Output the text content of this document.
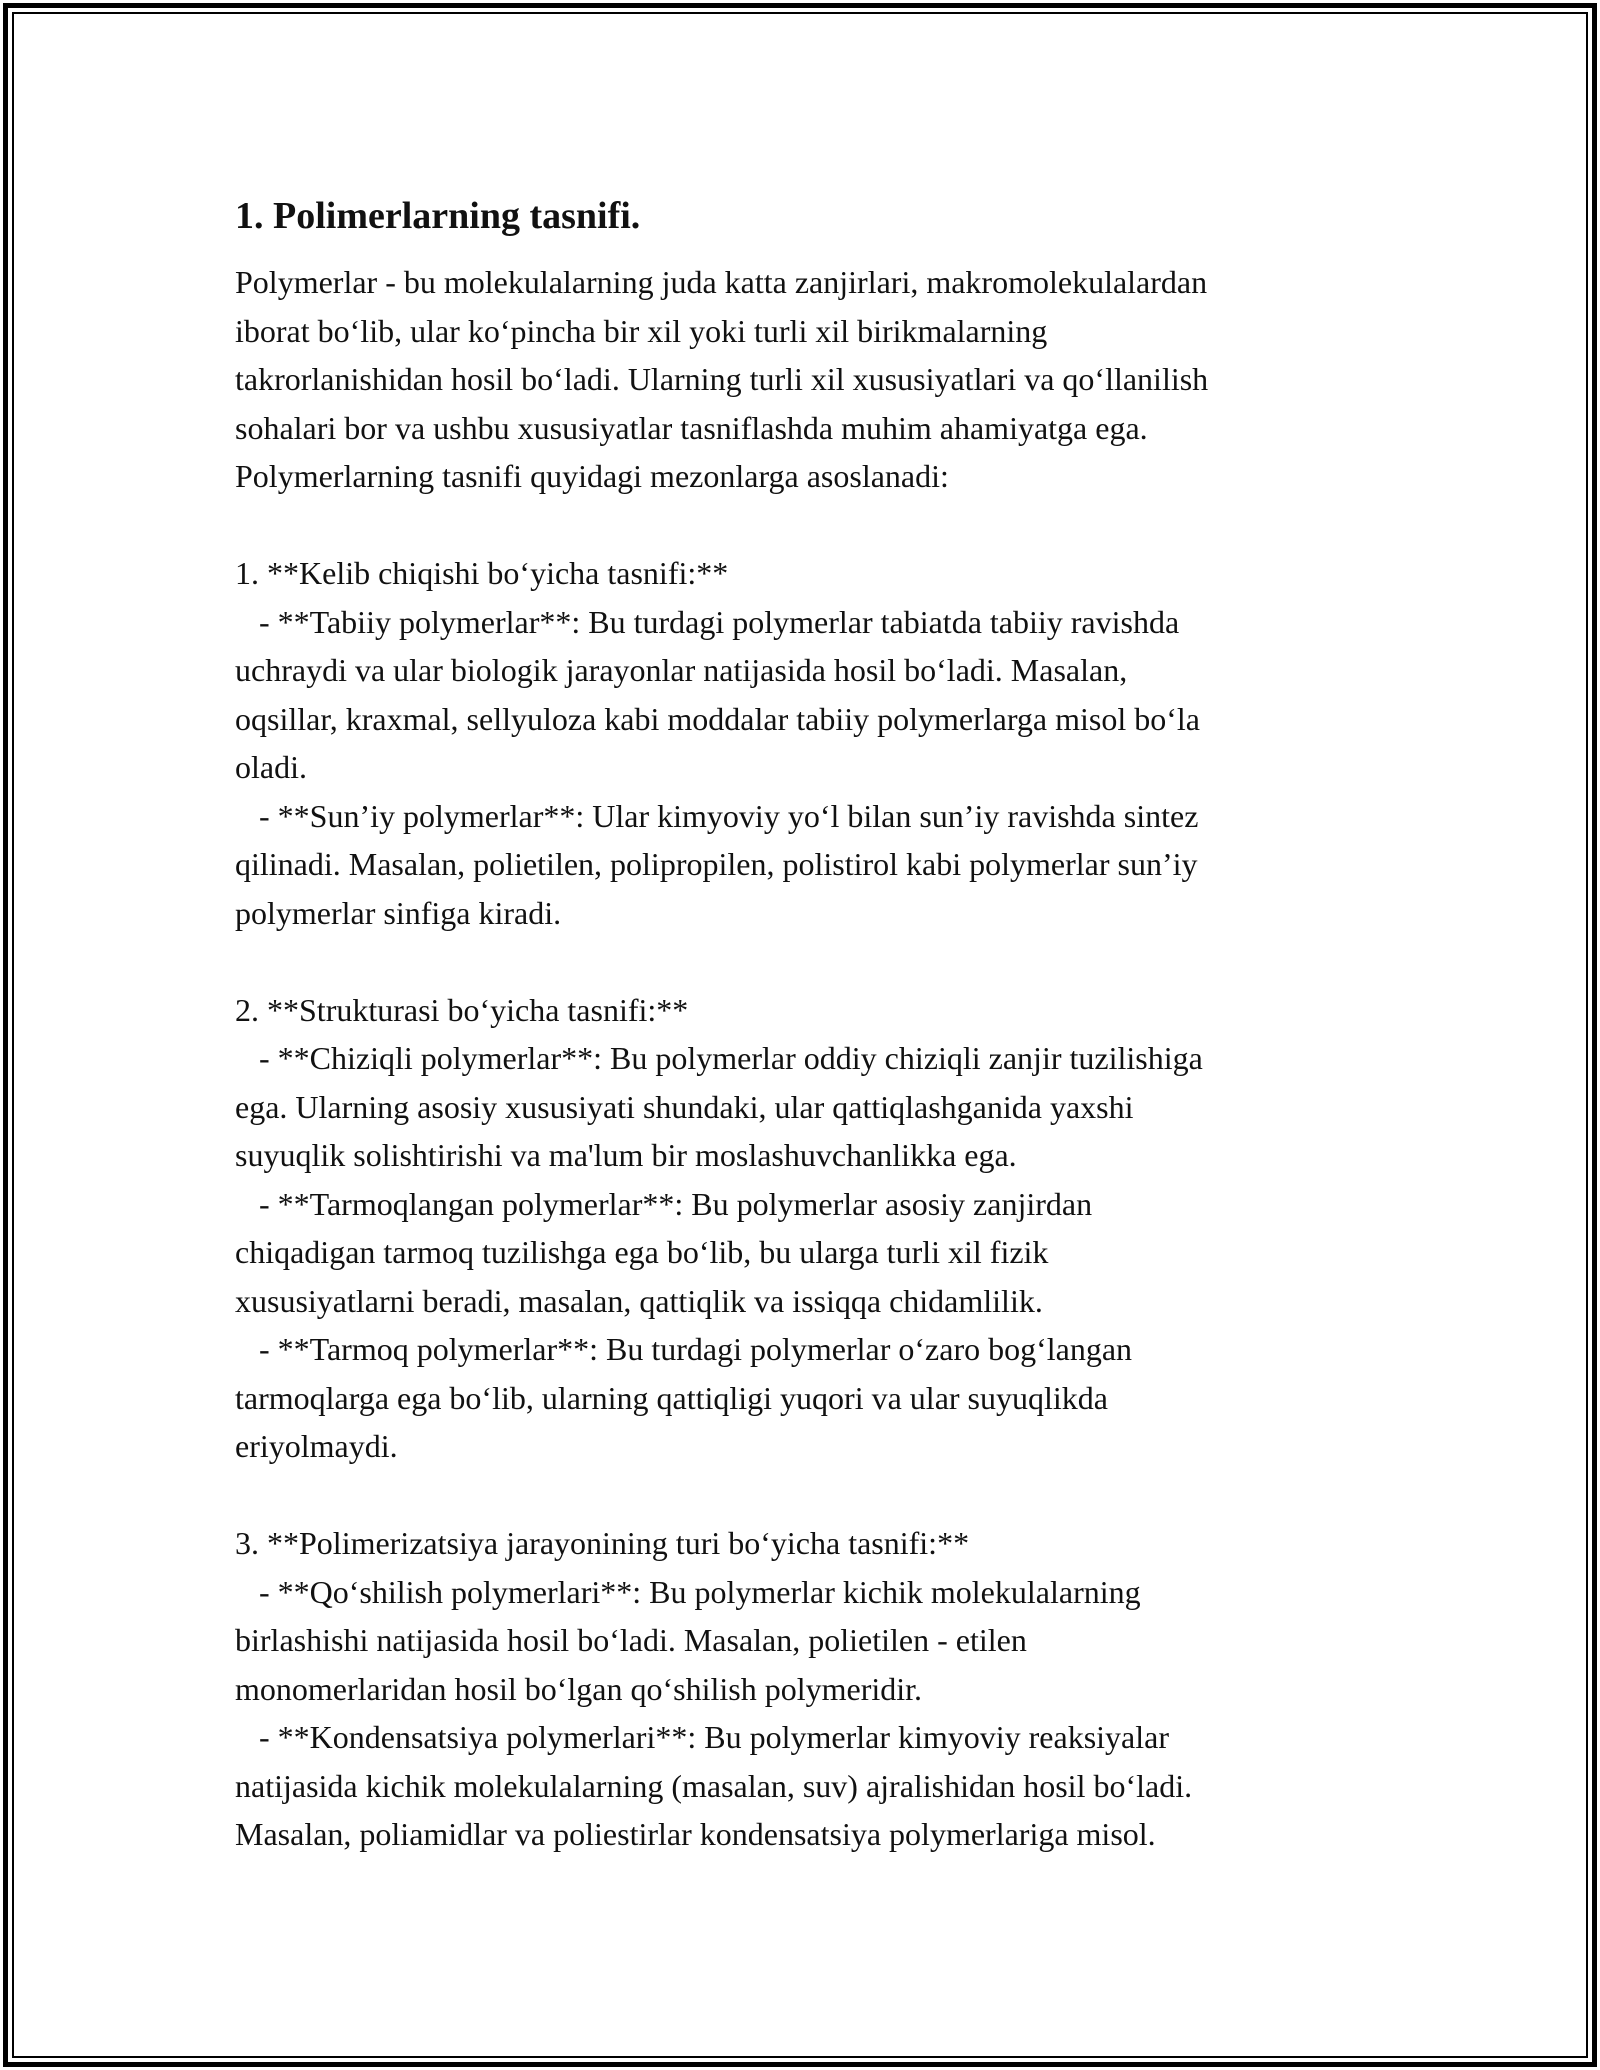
1. Polimerlarning tasnifi.
Polymerlar - bu molekulalarning juda katta zanjirlari, makromolekulalardan
iborat bo‘lib, ular ko‘pincha bir xil yoki turli xil birikmalarning
takrorlanishidan hosil bo‘ladi. Ularning turli xil xususiyatlari va qo‘llanilish
sohalari bor va ushbu xususiyatlar tasniflashda muhim ahamiyatga ega.
Polymerlarning tasnifi quyidagi mezonlarga asoslanadi:
1. **Kelib chiqishi bo‘yicha tasnifi:**
- **Tabiiy polymerlar**: Bu turdagi polymerlar tabiatda tabiiy ravishda
uchraydi va ular biologik jarayonlar natijasida hosil bo‘ladi. Masalan,
oqsillar, kraxmal, sellyuloza kabi moddalar tabiiy polymerlarga misol bo‘la
oladi.
- **Sun’iy polymerlar**: Ular kimyoviy yo‘l bilan sun’iy ravishda sintez
qilinadi. Masalan, polietilen, polipropilen, polistirol kabi polymerlar sun’iy
polymerlar sinfiga kiradi.
2. **Strukturasi bo‘yicha tasnifi:**
- **Chiziqli polymerlar**: Bu polymerlar oddiy chiziqli zanjir tuzilishiga
ega. Ularning asosiy xususiyati shundaki, ular qattiqlashganida yaxshi
suyuqlik solishtirishi va ma'lum bir moslashuvchanlikka ega.
- **Tarmoqlangan polymerlar**: Bu polymerlar asosiy zanjirdan
chiqadigan tarmoq tuzilishga ega bo‘lib, bu ularga turli xil fizik
xususiyatlarni beradi, masalan, qattiqlik va issiqqa chidamlilik.
- **Tarmoq polymerlar**: Bu turdagi polymerlar o‘zaro bog‘langan
tarmoqlarga ega bo‘lib, ularning qattiqligi yuqori va ular suyuqlikda
eriyolmaydi.
3. **Polimerizatsiya jarayonining turi bo‘yicha tasnifi:**
- **Qo‘shilish polymerlari**: Bu polymerlar kichik molekulalarning
birlashishi natijasida hosil bo‘ladi. Masalan, polietilen - etilen
monomerlaridan hosil bo‘lgan qo‘shilish polymeridir.
- **Kondensatsiya polymerlari**: Bu polymerlar kimyoviy reaksiyalar
natijasida kichik molekulalarning (masalan, suv) ajralishidan hosil bo‘ladi.
Masalan, poliamidlar va poliestirlar kondensatsiya polymerlariga misol.
